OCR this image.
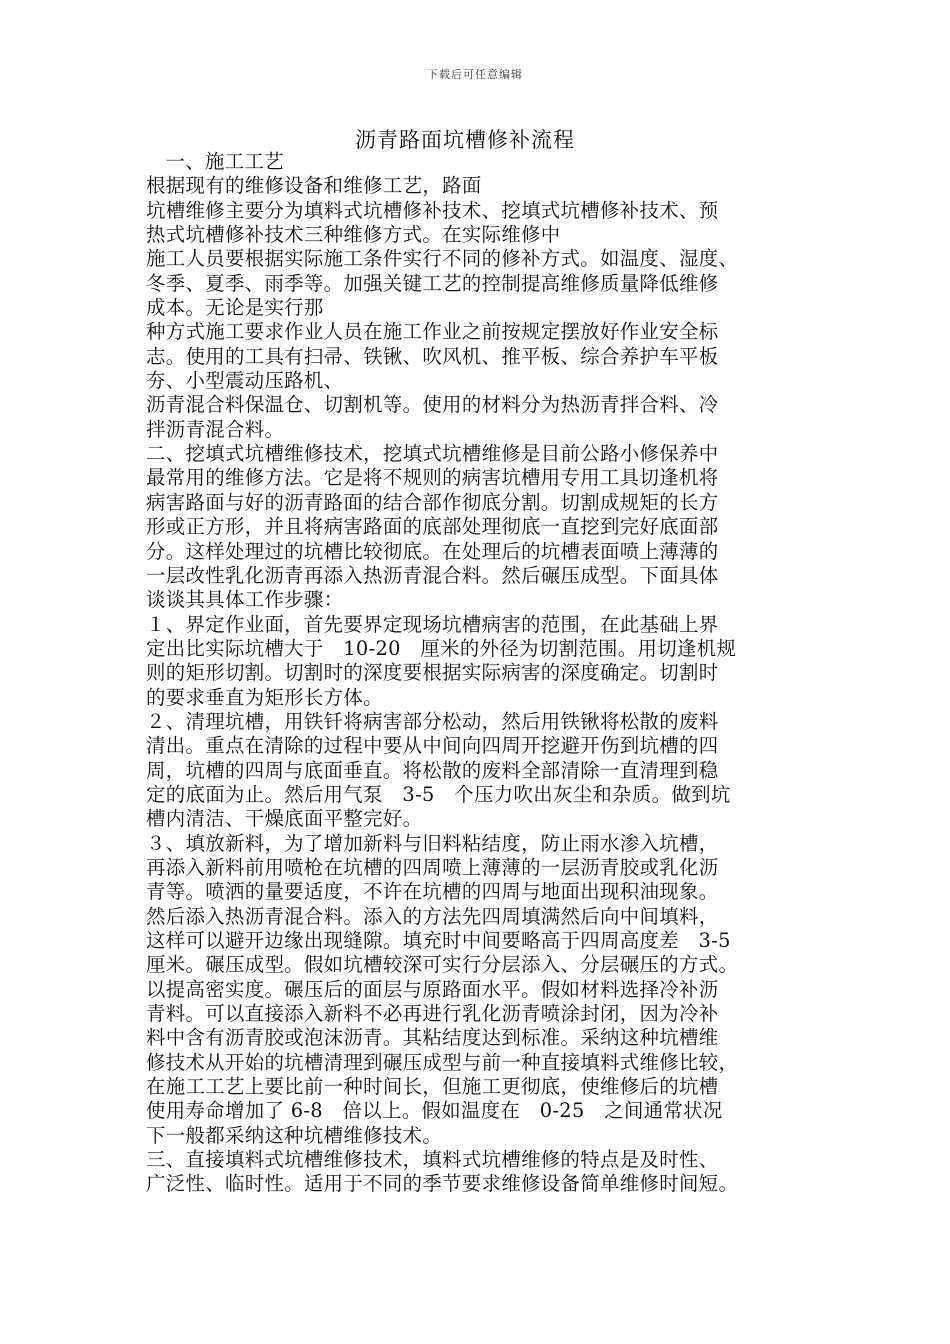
下载后可任意编辑
沥青路面坑槽修补流程
一、施工工艺
根据现有的维修设备和维修工艺，路面
坑槽维修主要分为填料式坑槽修补技术、挖填式坑槽修补技术、预
热式坑槽修补技术三种维修方式。在实际维修中
施工人员要根据实际施工条件实行不同的修补方式。如温度、湿度、
冬季、夏季、雨季等。加强关键工艺的控制提高维修质量降低维修
成本。无论是实行那
种方式施工要求作业人员在施工作业之前按规定摆放好作业安全标
志。使用的工具有扫帚、铁锹、吹风机、推平板、综合养护车平板
夯、小型震动压路机、
沥青混合料保温仓、切割机等。使用的材料分为热沥青拌合料、冷
拌沥青混合料。
二、挖填式坑槽维修技术，挖填式坑槽维修是目前公路小修保养中
最常用的维修方法。它是将不规则的病害坑槽用专用工具切逢机将
病害路面与好的沥青路面的结合部作彻底分割。切割成规矩的长方
形或正方形，并且将病害路面的底部处理彻底一直挖到完好底面部
分。这样处理过的坑槽比较彻底。在处理后的坑槽表面喷上薄薄的
一层改性乳化沥青再添入热沥青混合料。然后碾压成型。下面具体
谈谈其具体工作步骤：
１、界定作业面，首先要界定现场坑槽病害的范围，在此基础上界
定出比实际坑槽大于   10-20   厘米的外径为切割范围。用切逢机规
则的矩形切割。切割时的深度要根据实际病害的深度确定。切割时
的要求垂直为矩形长方体。
２、清理坑槽，用铁钎将病害部分松动，然后用铁锹将松散的废料
清出。重点在清除的过程中要从中间向四周开挖避开伤到坑槽的四
周，坑槽的四周与底面垂直。将松散的废料全部清除一直清理到稳
定的底面为止。然后用气泵   3-5   个压力吹出灰尘和杂质。做到坑
槽内清洁、干燥底面平整完好。
３、填放新料，为了增加新料与旧料粘结度，防止雨水渗入坑槽，
再添入新料前用喷枪在坑槽的四周喷上薄薄的一层沥青胶或乳化沥
青等。喷洒的量要适度，不许在坑槽的四周与地面出现积油现象。
然后添入热沥青混合料。添入的方法先四周填满然后向中间填料，
这样可以避开边缘出现缝隙。填充时中间要略高于四周高度差   3-5
厘米。碾压成型。假如坑槽较深可实行分层添入、分层碾压的方式。
以提高密实度。碾压后的面层与原路面水平。假如材料选择冷补沥
青料。可以直接添入新料不必再进行乳化沥青喷涂封闭，因为冷补
料中含有沥青胶或泡沫沥青。其粘结度达到标准。采纳这种坑槽维
修技术从开始的坑槽清理到碾压成型与前一种直接填料式维修比较，
在施工工艺上要比前一种时间长，但施工更彻底，使维修后的坑槽
使用寿命增加了 6-8   倍以上。假如温度在   0-25   之间通常状况
下一般都采纳这种坑槽维修技术。
三、直接填料式坑槽维修技术，填料式坑槽维修的特点是及时性、
广泛性、临时性。适用于不同的季节要求维修设备简单维修时间短。
